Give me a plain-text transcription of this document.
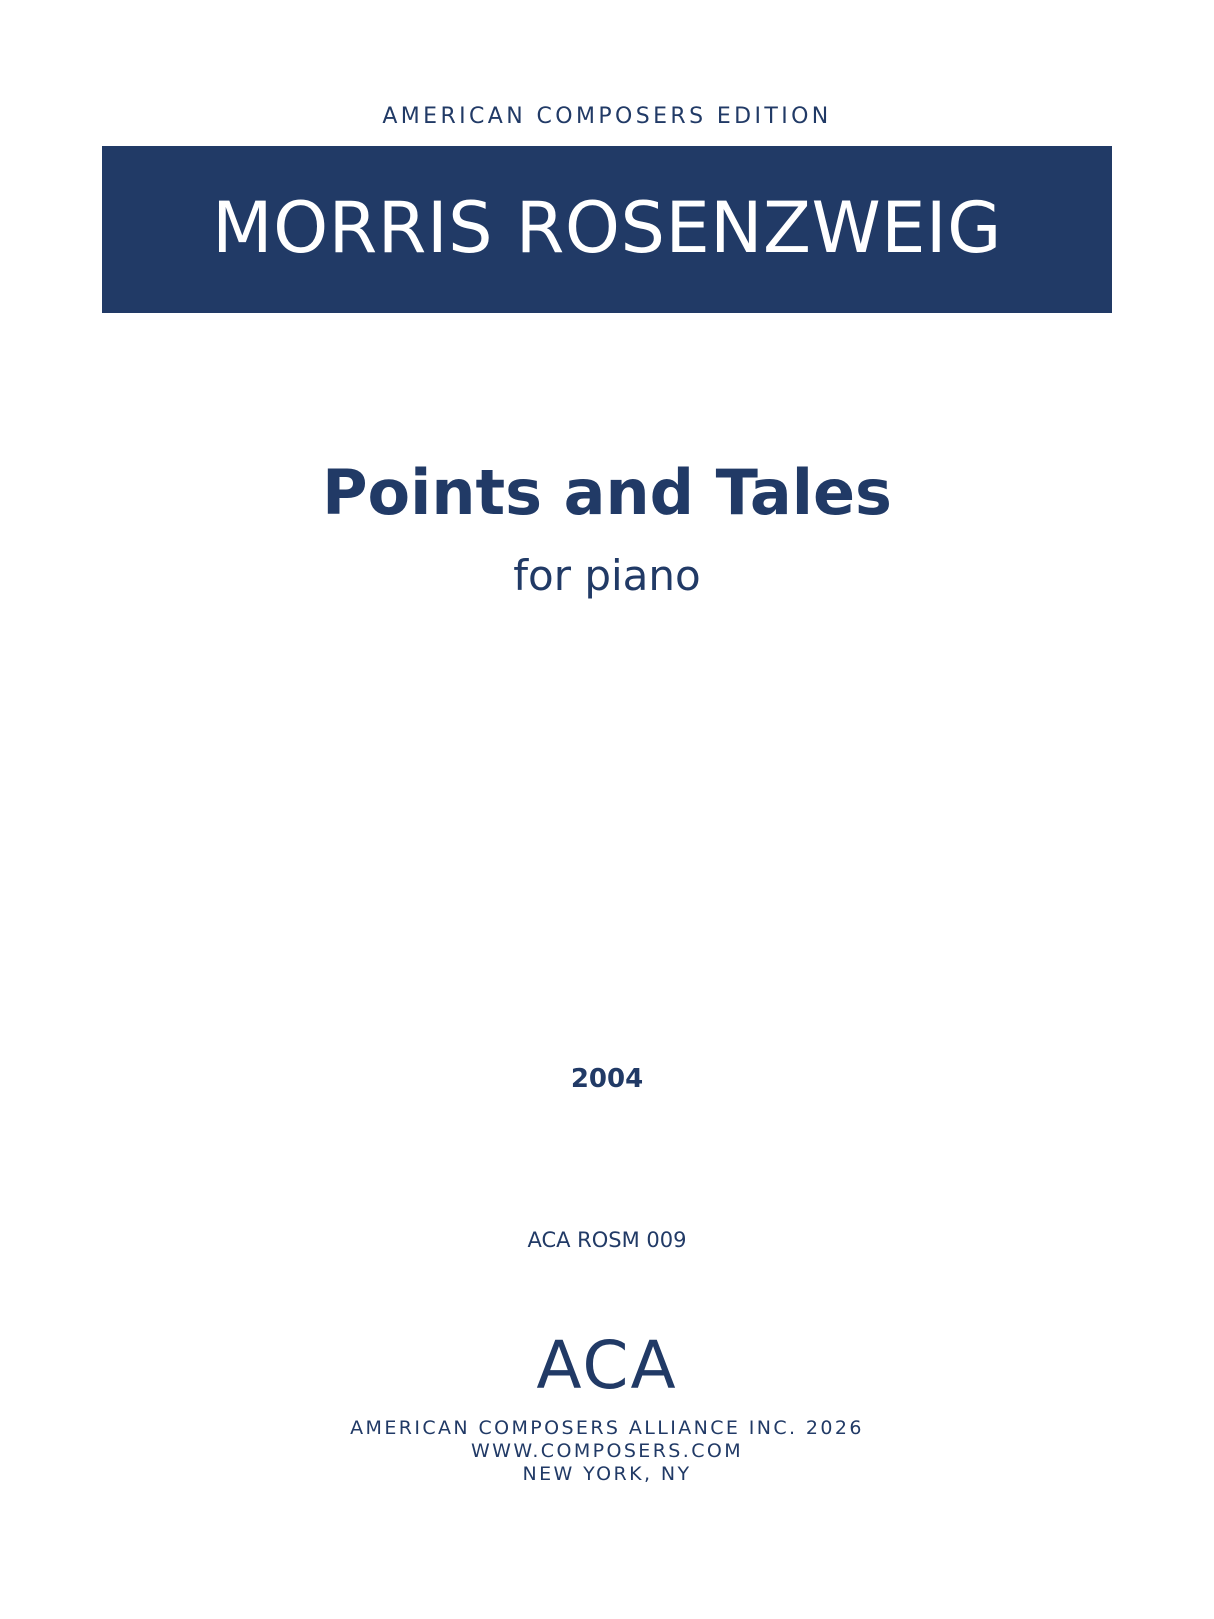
AMERICAN COMPOSERS EDITION
MORRIS ROSENZWEIG
Points and Tales
for piano
2004
ACA ROSM 009
ACA
AMERICAN COMPOSERS ALLIANCE INC. 2026
WWW.COMPOSERS.COM
NEW YORK, NY
